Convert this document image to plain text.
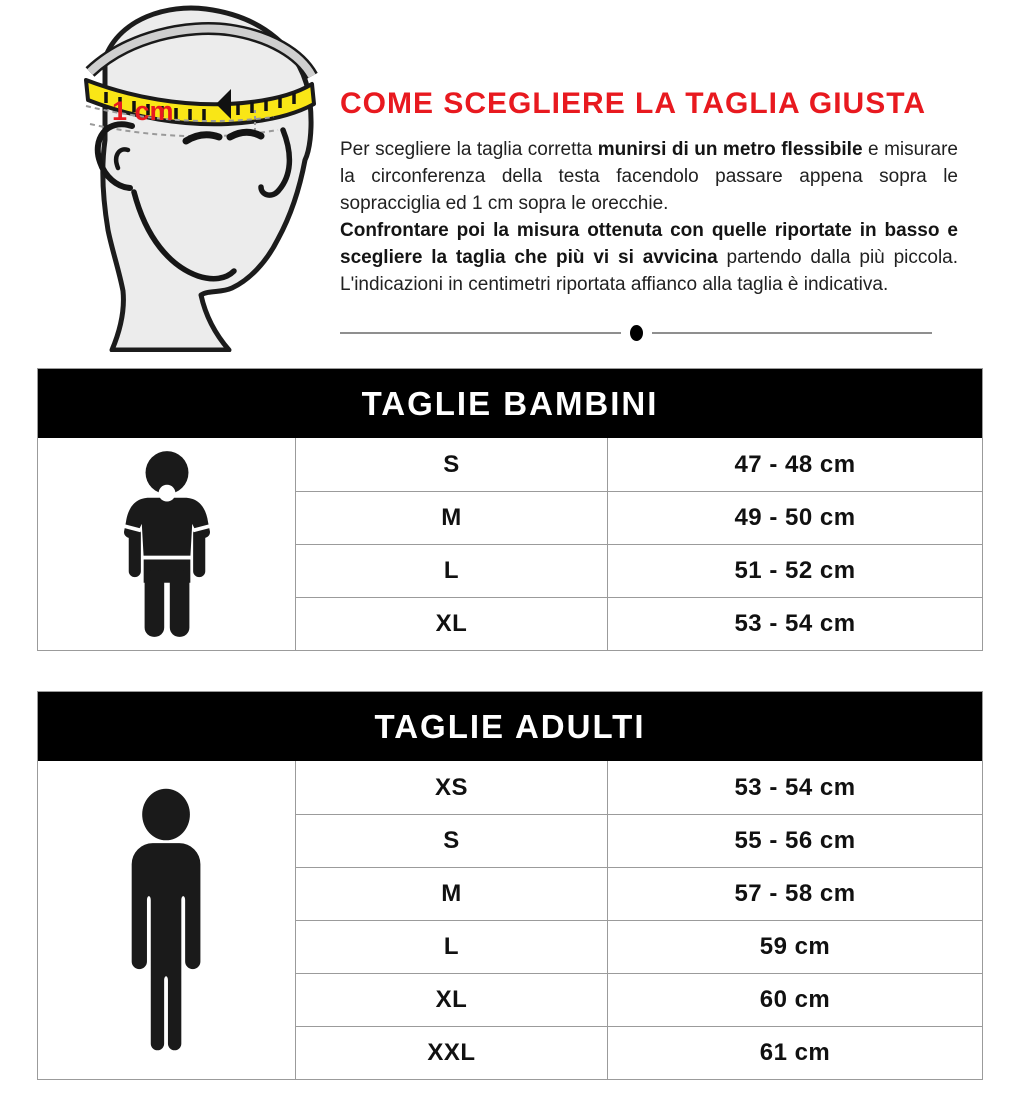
1 cm	COME SCEGLIERE LA TAGLIA GIUSTA

Per scegliere la taglia corretta munirsi di un metro flessibile e misurare la circonferenza della testa facendolo passare appena sopra le sopracciglia ed 1 cm sopra le orecchie.
Confrontare poi la misura ottenuta con quelle riportate in basso e scegliere la taglia che più vi si avvicina partendo dalla più piccola. L'indicazioni in centimetri riportata affianco alla taglia è indicativa.

TAGLIE BAMBINI
S	47 - 48 cm
M	49 - 50 cm
L	51 - 52 cm
XL	53 - 54 cm
TAGLIE ADULTI
XS	53 - 54 cm
S	55 - 56 cm
M	57 - 58 cm
L	59 cm
XL	60 cm
XXL	61 cm
